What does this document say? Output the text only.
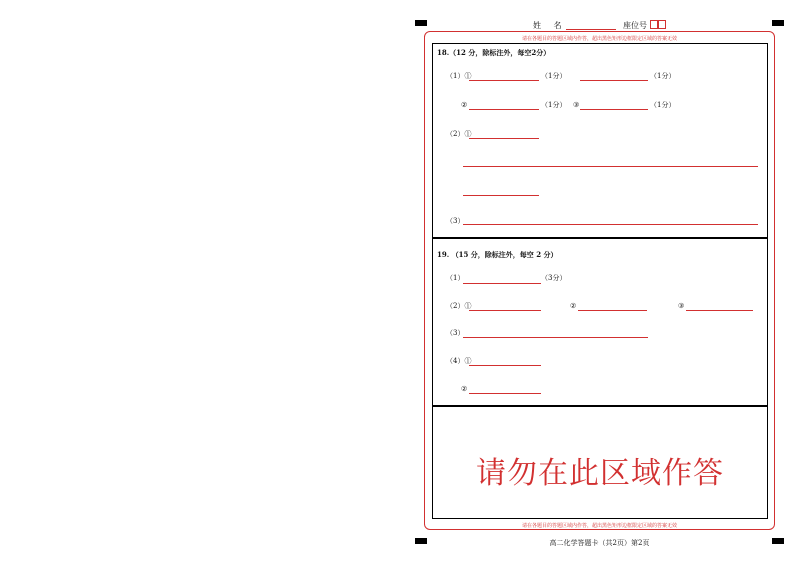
姓 名	座位号
请在各题目的答题区域内作答，超出黑色矩形边框限定区域的答案无效
请在各题目的答题区域内作答，超出黑色矩形边框限定区域的答案无效
18.（12 分，除标注外，每空2分）
（1）①	（1分）	（1分）
②	（1分） ③	（1分）
（2）①
（3）
19. （15 分，除标注外，每空 2 分）
（1）	（3分）
（2）①	②	③
（3）
（4）①
②
请勿在此区域作答
高二化学答题卡（共2页）第2页
